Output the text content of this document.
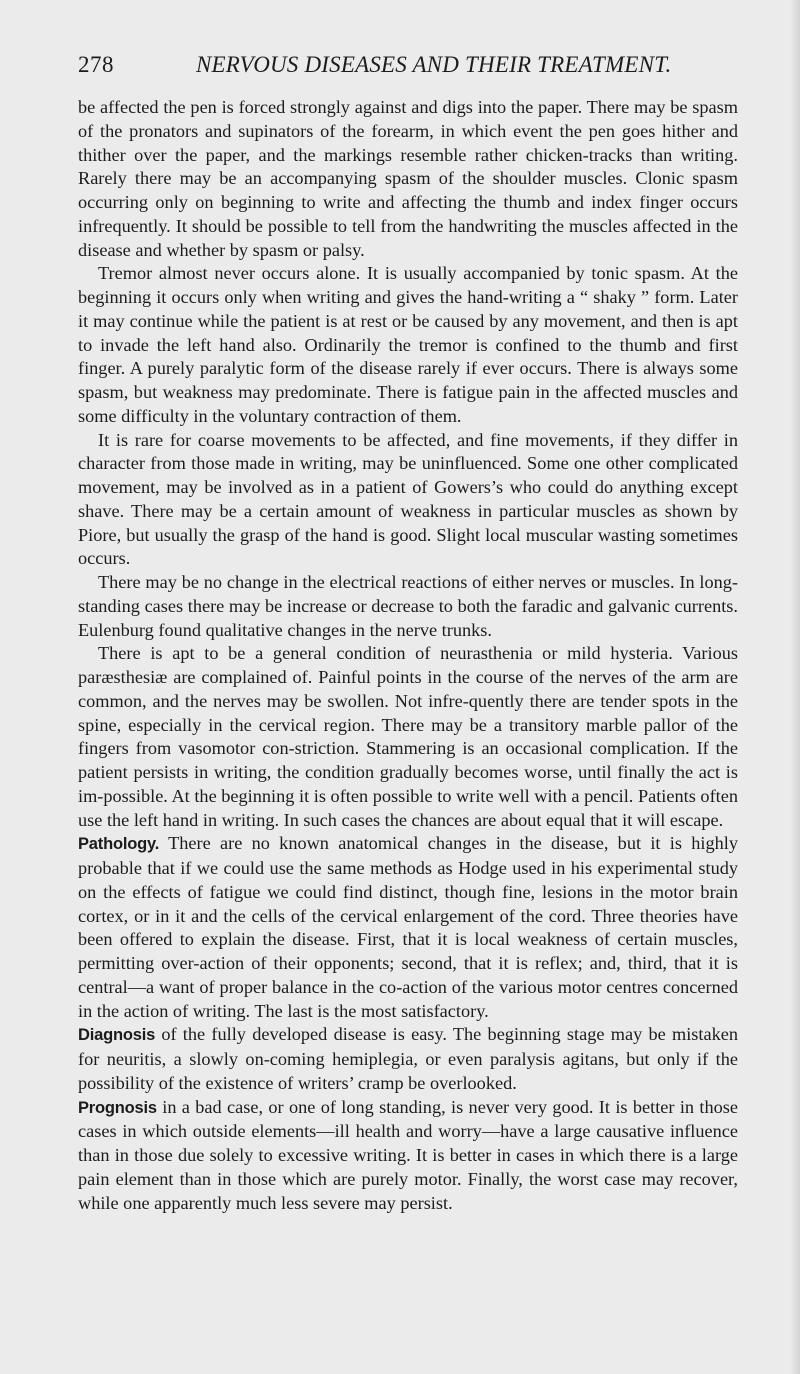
278	NERVOUS DISEASES AND THEIR TREATMENT.

be affected the pen is forced strongly against and digs into the paper. There may be spasm of the pronators and supinators of the forearm, in which event the pen goes hither and thither over the paper, and the markings resemble rather chicken-tracks than writing. Rarely there may be an accompanying spasm of the shoulder muscles. Clonic spasm occurring only on beginning to write and affecting the thumb and index finger occurs infrequently. It should be possible to tell from the handwriting the muscles affected in the disease and whether by spasm or palsy.

Tremor almost never occurs alone. It is usually accompanied by tonic spasm. At the beginning it occurs only when writing and gives the hand-writing a “ shaky ” form. Later it may continue while the patient is at rest or be caused by any movement, and then is apt to invade the left hand also. Ordinarily the tremor is confined to the thumb and first finger. A purely paralytic form of the disease rarely if ever occurs. There is always some spasm, but weakness may predominate. There is fatigue pain in the affected muscles and some difficulty in the voluntary contraction of them.

It is rare for coarse movements to be affected, and fine movements, if they differ in character from those made in writing, may be uninfluenced. Some one other complicated movement, may be involved as in a patient of Gowers’s who could do anything except shave. There may be a certain amount of weakness in particular muscles as shown by Piore, but usually the grasp of the hand is good. Slight local muscular wasting sometimes occurs.

There may be no change in the electrical reactions of either nerves or muscles. In long-standing cases there may be increase or decrease to both the faradic and galvanic currents. Eulenburg found qualitative changes in the nerve trunks.

There is apt to be a general condition of neurasthenia or mild hysteria. Various paræsthesiæ are complained of. Painful points in the course of the nerves of the arm are common, and the nerves may be swollen. Not infre-quently there are tender spots in the spine, especially in the cervical region. There may be a transitory marble pallor of the fingers from vasomotor con-striction. Stammering is an occasional complication. If the patient persists in writing, the condition gradually becomes worse, until finally the act is im-possible. At the beginning it is often possible to write well with a pencil. Patients often use the left hand in writing. In such cases the chances are about equal that it will escape.

Pathology. There are no known anatomical changes in the disease, but it is highly probable that if we could use the same methods as Hodge used in his experimental study on the effects of fatigue we could find distinct, though fine, lesions in the motor brain cortex, or in it and the cells of the cervical enlargement of the cord. Three theories have been offered to explain the disease. First, that it is local weakness of certain muscles, permitting over-action of their opponents; second, that it is reflex; and, third, that it is central—a want of proper balance in the co-action of the various motor centres concerned in the action of writing. The last is the most satisfactory.

Diagnosis of the fully developed disease is easy. The beginning stage may be mistaken for neuritis, a slowly on-coming hemiplegia, or even paralysis agitans, but only if the possibility of the existence of writers’ cramp be overlooked.

Prognosis in a bad case, or one of long standing, is never very good. It is better in those cases in which outside elements—ill health and worry—have a large causative influence than in those due solely to excessive writing. It is better in cases in which there is a large pain element than in those which are purely motor. Finally, the worst case may recover, while one apparently much less severe may persist.
